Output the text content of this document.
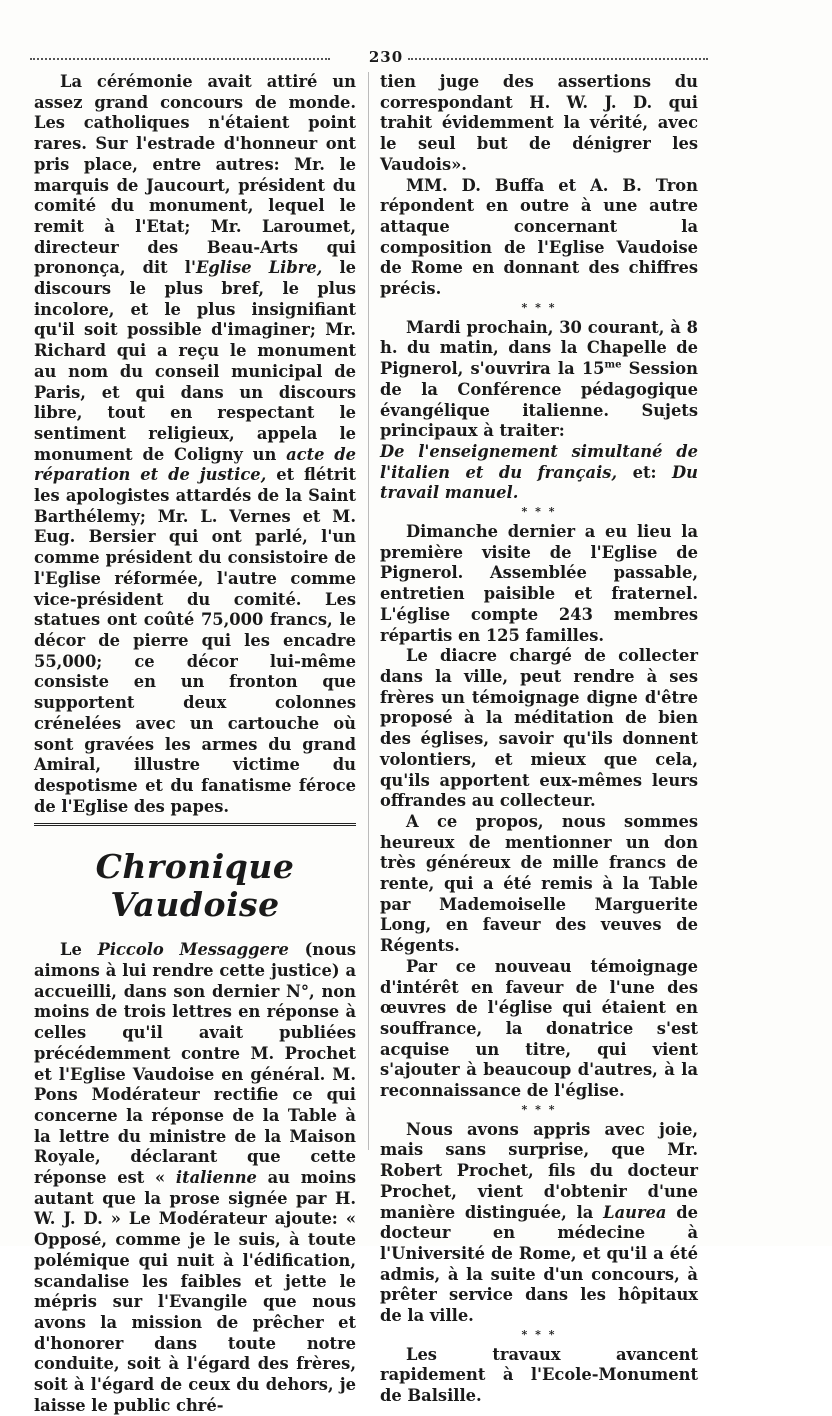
230

La cérémonie avait attiré un assez grand concours de monde. Les catholiques n'étaient point rares. Sur l'estrade d'honneur ont pris place, entre autres: Mr. le marquis de Jaucourt, président du comité du monument, lequel le remit à l'Etat; Mr. Laroumet, directeur des Beau-Arts qui prononça, dit l'Eglise Libre, le discours le plus bref, le plus incolore, et le plus insignifiant qu'il soit possible d'imaginer; Mr. Richard qui a reçu le monument au nom du conseil municipal de Paris, et qui dans un discours libre, tout en respectant le sentiment religieux, appela le monument de Coligny un acte de réparation et de justice, et flétrit les apologistes attardés de la Saint Barthélemy; Mr. L. Vernes et M. Eug. Bersier qui ont parlé, l'un comme président du consistoire de l'Eglise réformée, l'autre comme vice-président du comité. Les statues ont coûté 75,000 francs, le décor de pierre qui les encadre 55,000; ce décor lui-même consiste en un fronton que supportent deux colonnes crénelées avec un cartouche où sont gravées les armes du grand Amiral, illustre victime du despotisme et du fanatisme féroce de l'Eglise des papes.

Chronique Vaudoise

Le Piccolo Messaggere (nous aimons à lui rendre cette justice) a accueilli, dans son dernier N°, non moins de trois lettres en réponse à celles qu'il avait publiées précédemment contre M. Prochet et l'Eglise Vaudoise en général. M. Pons Modérateur rectifie ce qui concerne la réponse de la Table à la lettre du ministre de la Maison Royale, déclarant que cette réponse est « italienne au moins autant que la prose signée par H. W. J. D. » Le Modérateur ajoute: « Opposé, comme je le suis, à toute polémique qui nuit à l'édification, scandalise les faibles et jette le mépris sur l'Evangile que nous avons la mission de prêcher et d'honorer dans toute notre conduite, soit à l'égard des frères, soit à l'égard de ceux du dehors, je laisse le public chré-

tien juge des assertions du correspondant H. W. J. D. qui trahit évidemment la vérité, avec le seul but de dénigrer les Vaudois».

MM. D. Buffa et A. B. Tron répondent en outre à une autre attaque concernant la composition de l'Eglise Vaudoise de Rome en donnant des chiffres précis.

* * *

Mardi prochain, 30 courant, à 8 h. du matin, dans la Chapelle de Pignerol, s'ouvrira la $15^{me}$ Session de la Conférence pédagogique évangélique italienne. Sujets principaux à traiter:

De l'enseignement simultané de l'italien et du français, et: Du travail manuel.

* * *

Dimanche dernier a eu lieu la première visite de l'Eglise de Pignerol. Assemblée passable, entretien paisible et fraternel. L'église compte 243 membres répartis en 125 familles.

Le diacre chargé de collecter dans la ville, peut rendre à ses frères un témoignage digne d'être proposé à la méditation de bien des églises, savoir qu'ils donnent volontiers, et mieux que cela, qu'ils apportent eux-mêmes leurs offrandes au collecteur.

A ce propos, nous sommes heureux de mentionner un don très généreux de mille francs de rente, qui a été remis à la Table par Mademoiselle Marguerite Long, en faveur des veuves de Régents.

Par ce nouveau témoignage d'intérêt en faveur de l'une des œuvres de l'église qui étaient en souffrance, la donatrice s'est acquise un titre, qui vient s'ajouter à beaucoup d'autres, à la reconnaissance de l'église.

* * *

Nous avons appris avec joie, mais sans surprise, que Mr. Robert Prochet, fils du docteur Prochet, vient d'obtenir d'une manière distinguée, la Laurea de docteur en médecine à l'Université de Rome, et qu'il a été admis, à la suite d'un concours, à prêter service dans les hôpitaux de la ville.

* * *

Les travaux avancent rapidement à l'Ecole-Monument de Balsille.
